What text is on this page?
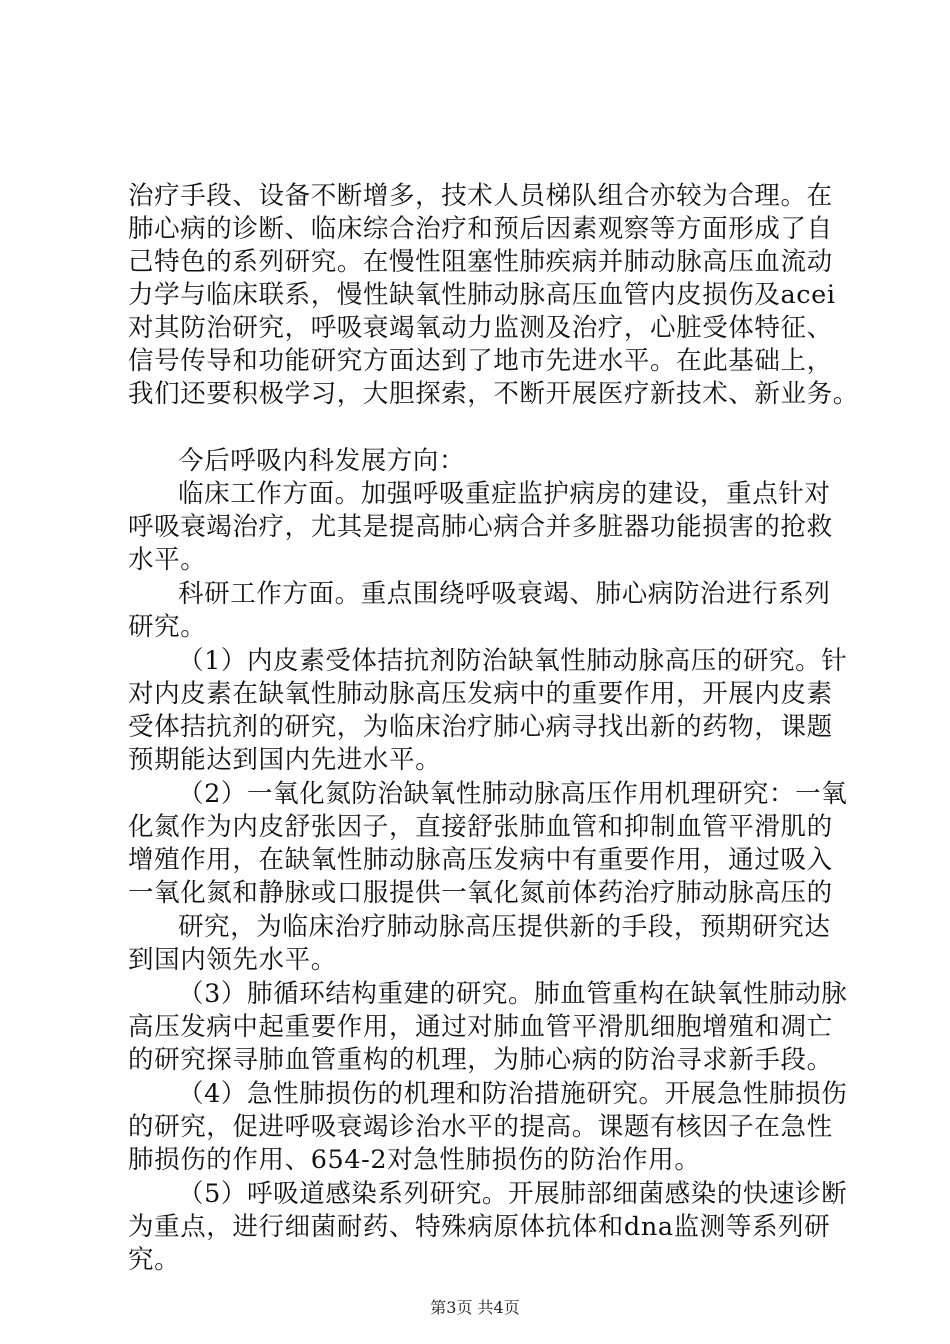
治疗手段、设备不断增多，技术人员梯队组合亦较为合理。在
肺心病的诊断、临床综合治疗和预后因素观察等方面形成了自
己特色的系列研究。在慢性阻塞性肺疾病并肺动脉高压血流动
力学与临床联系，慢性缺氧性肺动脉高压血管内皮损伤及acei
对其防治研究，呼吸衰竭氧动力监测及治疗，心脏受体特征、
信号传导和功能研究方面达到了地市先进水平。在此基础上，
我们还要积极学习，大胆探索，不断开展医疗新技术、新业务。
今后呼吸内科发展方向：
临床工作方面。加强呼吸重症监护病房的建设，重点针对
呼吸衰竭治疗，尤其是提高肺心病合并多脏器功能损害的抢救
水平。
科研工作方面。重点围绕呼吸衰竭、肺心病防治进行系列
研究。
（1）内皮素受体拮抗剂防治缺氧性肺动脉高压的研究。针
对内皮素在缺氧性肺动脉高压发病中的重要作用，开展内皮素
受体拮抗剂的研究，为临床治疗肺心病寻找出新的药物，课题
预期能达到国内先进水平。
（2）一氧化氮防治缺氧性肺动脉高压作用机理研究：一氧
化氮作为内皮舒张因子，直接舒张肺血管和抑制血管平滑肌的
增殖作用，在缺氧性肺动脉高压发病中有重要作用，通过吸入
一氧化氮和静脉或口服提供一氧化氮前体药治疗肺动脉高压的
研究，为临床治疗肺动脉高压提供新的手段，预期研究达
到国内领先水平。
（3）肺循环结构重建的研究。肺血管重构在缺氧性肺动脉
高压发病中起重要作用，通过对肺血管平滑肌细胞增殖和凋亡
的研究探寻肺血管重构的机理，为肺心病的防治寻求新手段。
（4）急性肺损伤的机理和防治措施研究。开展急性肺损伤
的研究，促进呼吸衰竭诊治水平的提高。课题有核因子在急性
肺损伤的作用、654-2对急性肺损伤的防治作用。
（5）呼吸道感染系列研究。开展肺部细菌感染的快速诊断
为重点，进行细菌耐药、特殊病原体抗体和dna监测等系列研
第3页 共4页
究。
